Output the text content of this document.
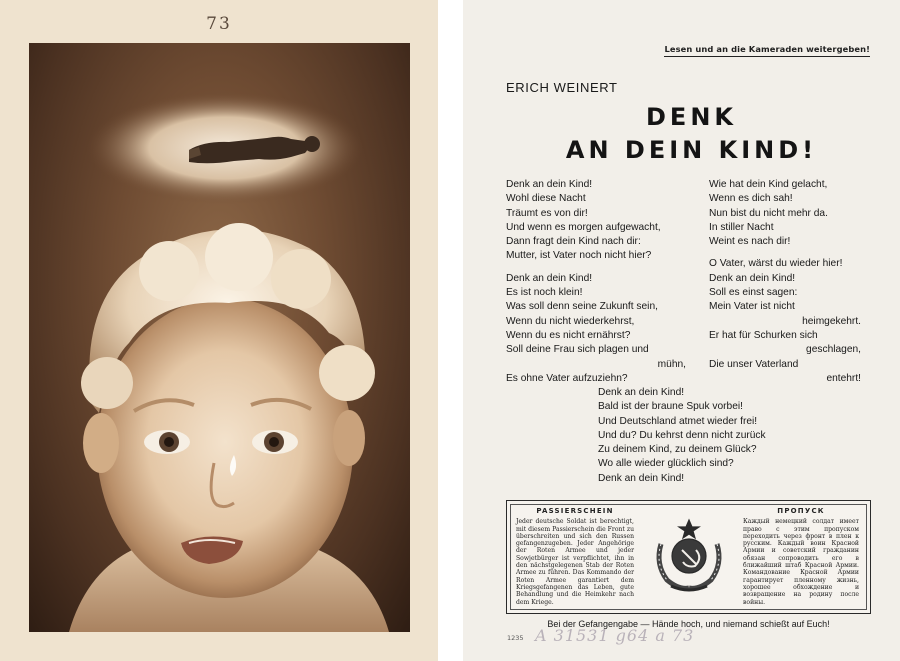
73
Lesen und an die Kameraden weitergeben!
ERICH WEINERT
DENK
AN DEIN KIND!
Denk an dein Kind!
Wohl diese Nacht
Träumt es von dir!
Und wenn es morgen aufgewacht,
Dann fragt dein Kind nach dir:
Mutter, ist Vater noch nicht hier?
Denk an dein Kind!
Es ist noch klein!
Was soll denn seine Zukunft sein,
Wenn du nicht wiederkehrst,
Wenn du es nicht ernährst?
Soll deine Frau sich plagen und
mühn,
Es ohne Vater aufzuziehn?
Wie hat dein Kind gelacht,
Wenn es dich sah!
Nun bist du nicht mehr da.
In stiller Nacht
Weint es nach dir!
O Vater, wärst du wieder hier!
Denk an dein Kind!
Soll es einst sagen:
Mein Vater ist nicht
heimgekehrt.
Er hat für Schurken sich
geschlagen,
Die unser Vaterland
entehrt!
Denk an dein Kind!
Bald ist der braune Spuk vorbei!
Und Deutschland atmet wieder frei!
Und du? Du kehrst denn nicht zurück
Zu deinem Kind, zu deinem Glück?
Wo alle wieder glücklich sind?
Denk an dein Kind!
PASSIERSCHEIN
Jeder deutsche Soldat ist berechtigt, mit diesem Passierschein die Front zu überschreiten und sich den Russen gefangenzugeben. Jeder Angehörige der Roten Armee und jeder Sowjetbürger ist verpflichtet, ihn in den nächstgelegenen Stab der Roten Armee zu führen. Das Kommando der Roten Armee garantiert dem Kriegsgefangenen das Leben, gute Behandlung und die Heimkehr nach dem Kriege.
ПРОПУСК
Каждый немецкий солдат имеет право с этим пропуском переходить через фронт в плен к русским. Каждый воин Красной Армии и советский гражданин обязан сопроводить его в ближайший штаб Красной Армии. Командование Красной Армии гарантирует пленному жизнь, хорошее обхождение и возвращение на родину после войны.
Bei der Gefangengabe — Hände hoch, und niemand schießt auf Euch!
1235 A 31531 g64 a 73
